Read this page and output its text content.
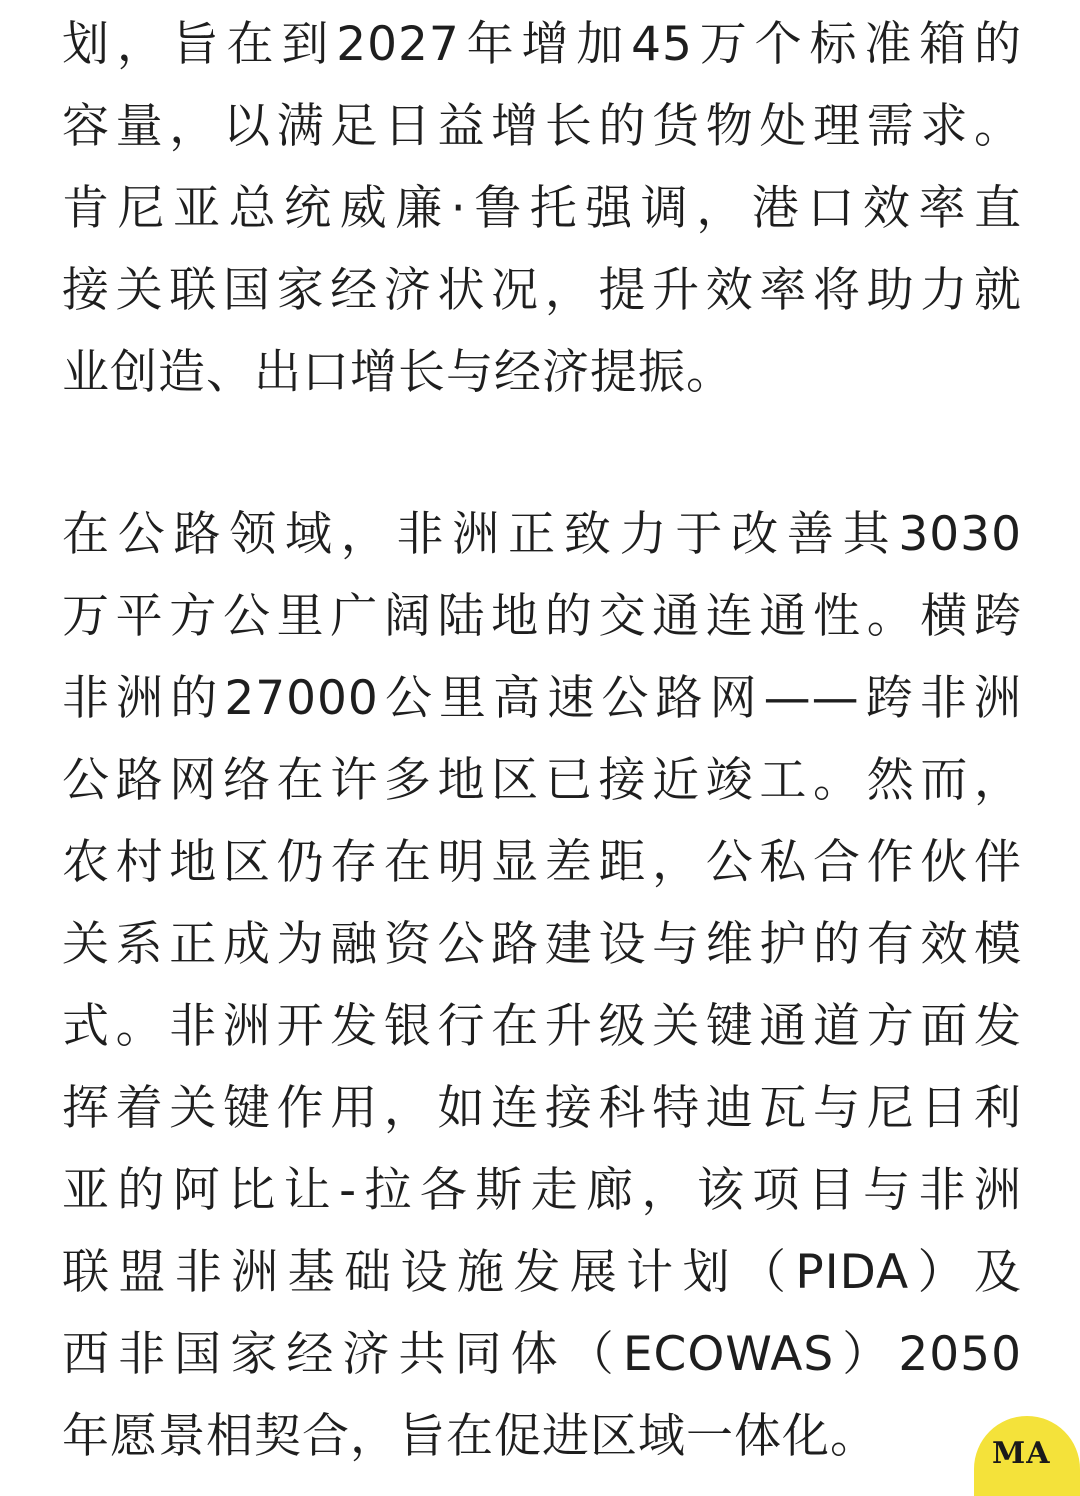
划，旨在到2027年增加45万个标准箱的
容量，以满足日益增长的货物处理需求。
肯尼亚总统威廉·鲁托强调，港口效率直
接关联国家经济状况，提升效率将助力就
业创造、出口增长与经济提振。
在公路领域，非洲正致力于改善其3030
万平方公里广阔陆地的交通连通性。横跨
非洲的27000公里高速公路网——跨非洲
公路网络在许多地区已接近竣工。然而，
农村地区仍存在明显差距，公私合作伙伴
关系正成为融资公路建设与维护的有效模
式。非洲开发银行在升级关键通道方面发
挥着关键作用，如连接科特迪瓦与尼日利
亚的阿比让-拉各斯走廊，该项目与非洲
联盟非洲基础设施发展计划（PIDA）及
西非国家经济共同体（ECOWAS）2050
年愿景相契合，旨在促进区域一体化。	MA
